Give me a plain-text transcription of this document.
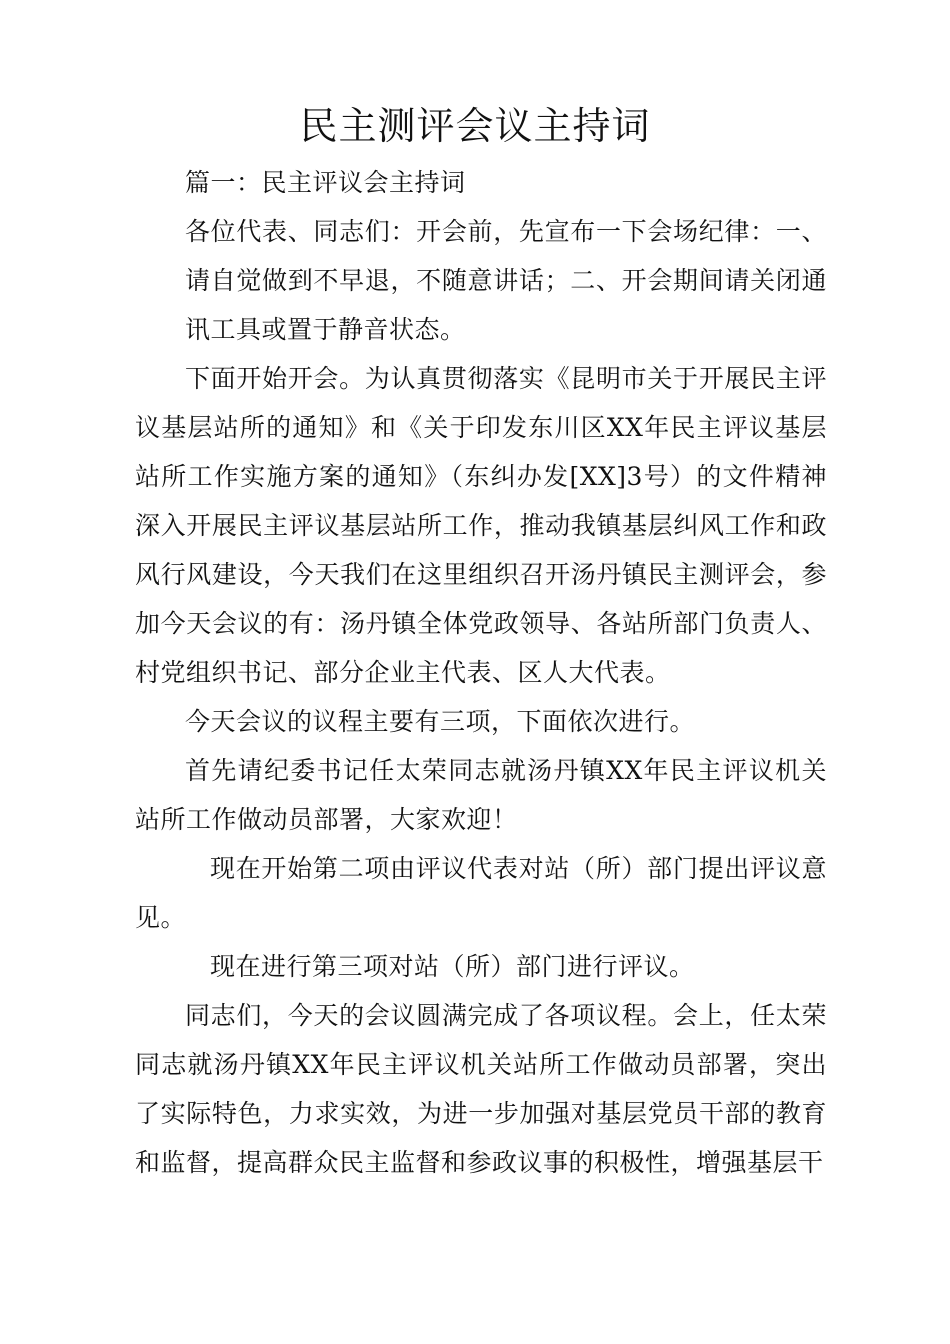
民主测评会议主持词

篇一：民主评议会主持词

各位代表、同志们：开会前，先宣布一下会场纪律：一、请自觉做到不早退，不随意讲话；二、开会期间请关闭通讯工具或置于静音状态。

下面开始开会。为认真贯彻落实《昆明市关于开展民主评议基层站所的通知》和《关于印发东川区XX年民主评议基层站所工作实施方案的通知》（东纠办发[XX]3号）的文件精神深入开展民主评议基层站所工作，推动我镇基层纠风工作和政风行风建设，今天我们在这里组织召开汤丹镇民主测评会，参加今天会议的有：汤丹镇全体党政领导、各站所部门负责人、村党组织书记、部分企业主代表、区人大代表。

今天会议的议程主要有三项，下面依次进行。

首先请纪委书记任太荣同志就汤丹镇XX年民主评议机关站所工作做动员部署，大家欢迎！

现在开始第二项由评议代表对站（所）部门提出评议意见。

现在进行第三项对站（所）部门进行评议。

同志们，今天的会议圆满完成了各项议程。会上，任太荣同志就汤丹镇XX年民主评议机关站所工作做动员部署，突出了实际特色，力求实效，为进一步加强对基层党员干部的教育和监督，提高群众民主监督和参政议事的积极性，增强基层干
